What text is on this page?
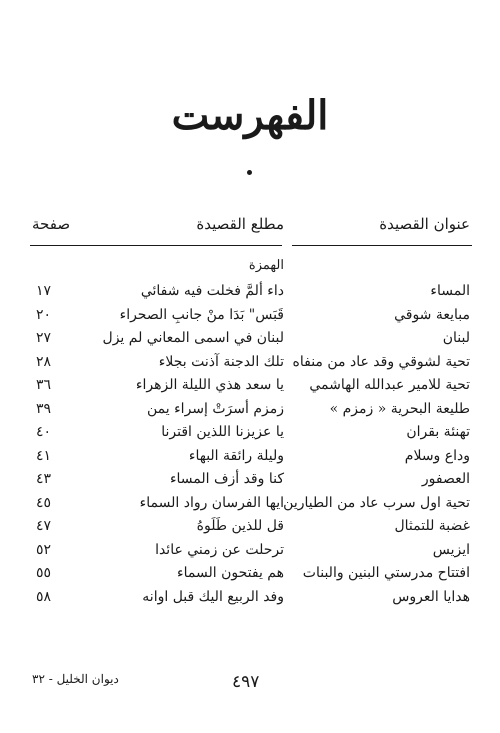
الفهرست
عنوان القصيدة
مطلع القصيدة
صفحة
الهمزة
المساء
داء ألمَّ فخلت فيه شفائي
١٧
مبايعة شوقي
قَبَس" بَدَا منْ جانبِ الصحراء
٢٠
لبنان
لبنان في اسمى المعاني لم يزل
٢٧
تحية لشوقي وقد عاد من منفاه
تلك الدجنة آذنت بجلاء
٢٨
تحية للامير عبدالله الهاشمي
يا سعد هذي الليلة الزهراء
٣٦
طليعة البحرية « زمزم »
زمزم أسرَتْ إسراء يمن
٣٩
تهنئة بقران
يا عزيزنا اللذين اقترنا
٤٠
وداع وسلام
وليلة رائقة البهاء
٤١
العصفور
كنا وقد أزف المساء
٤٣
تحية اول سرب عاد من الطيارين
ايها الفرسان رواد السماء
٤٥
غضبة للتمثال
قل للذين طَلَوهُ
٤٧
ايزيس
ترحلت عن زمني عائدا
٥٢
افتتاح مدرستي البنين والبنات
هم يفتحون السماء
٥٥
هدايا العروس
وفد الربيع اليك قبل اوانه
٥٨
ديوان الخليل - ٣٢	٤٩٧
